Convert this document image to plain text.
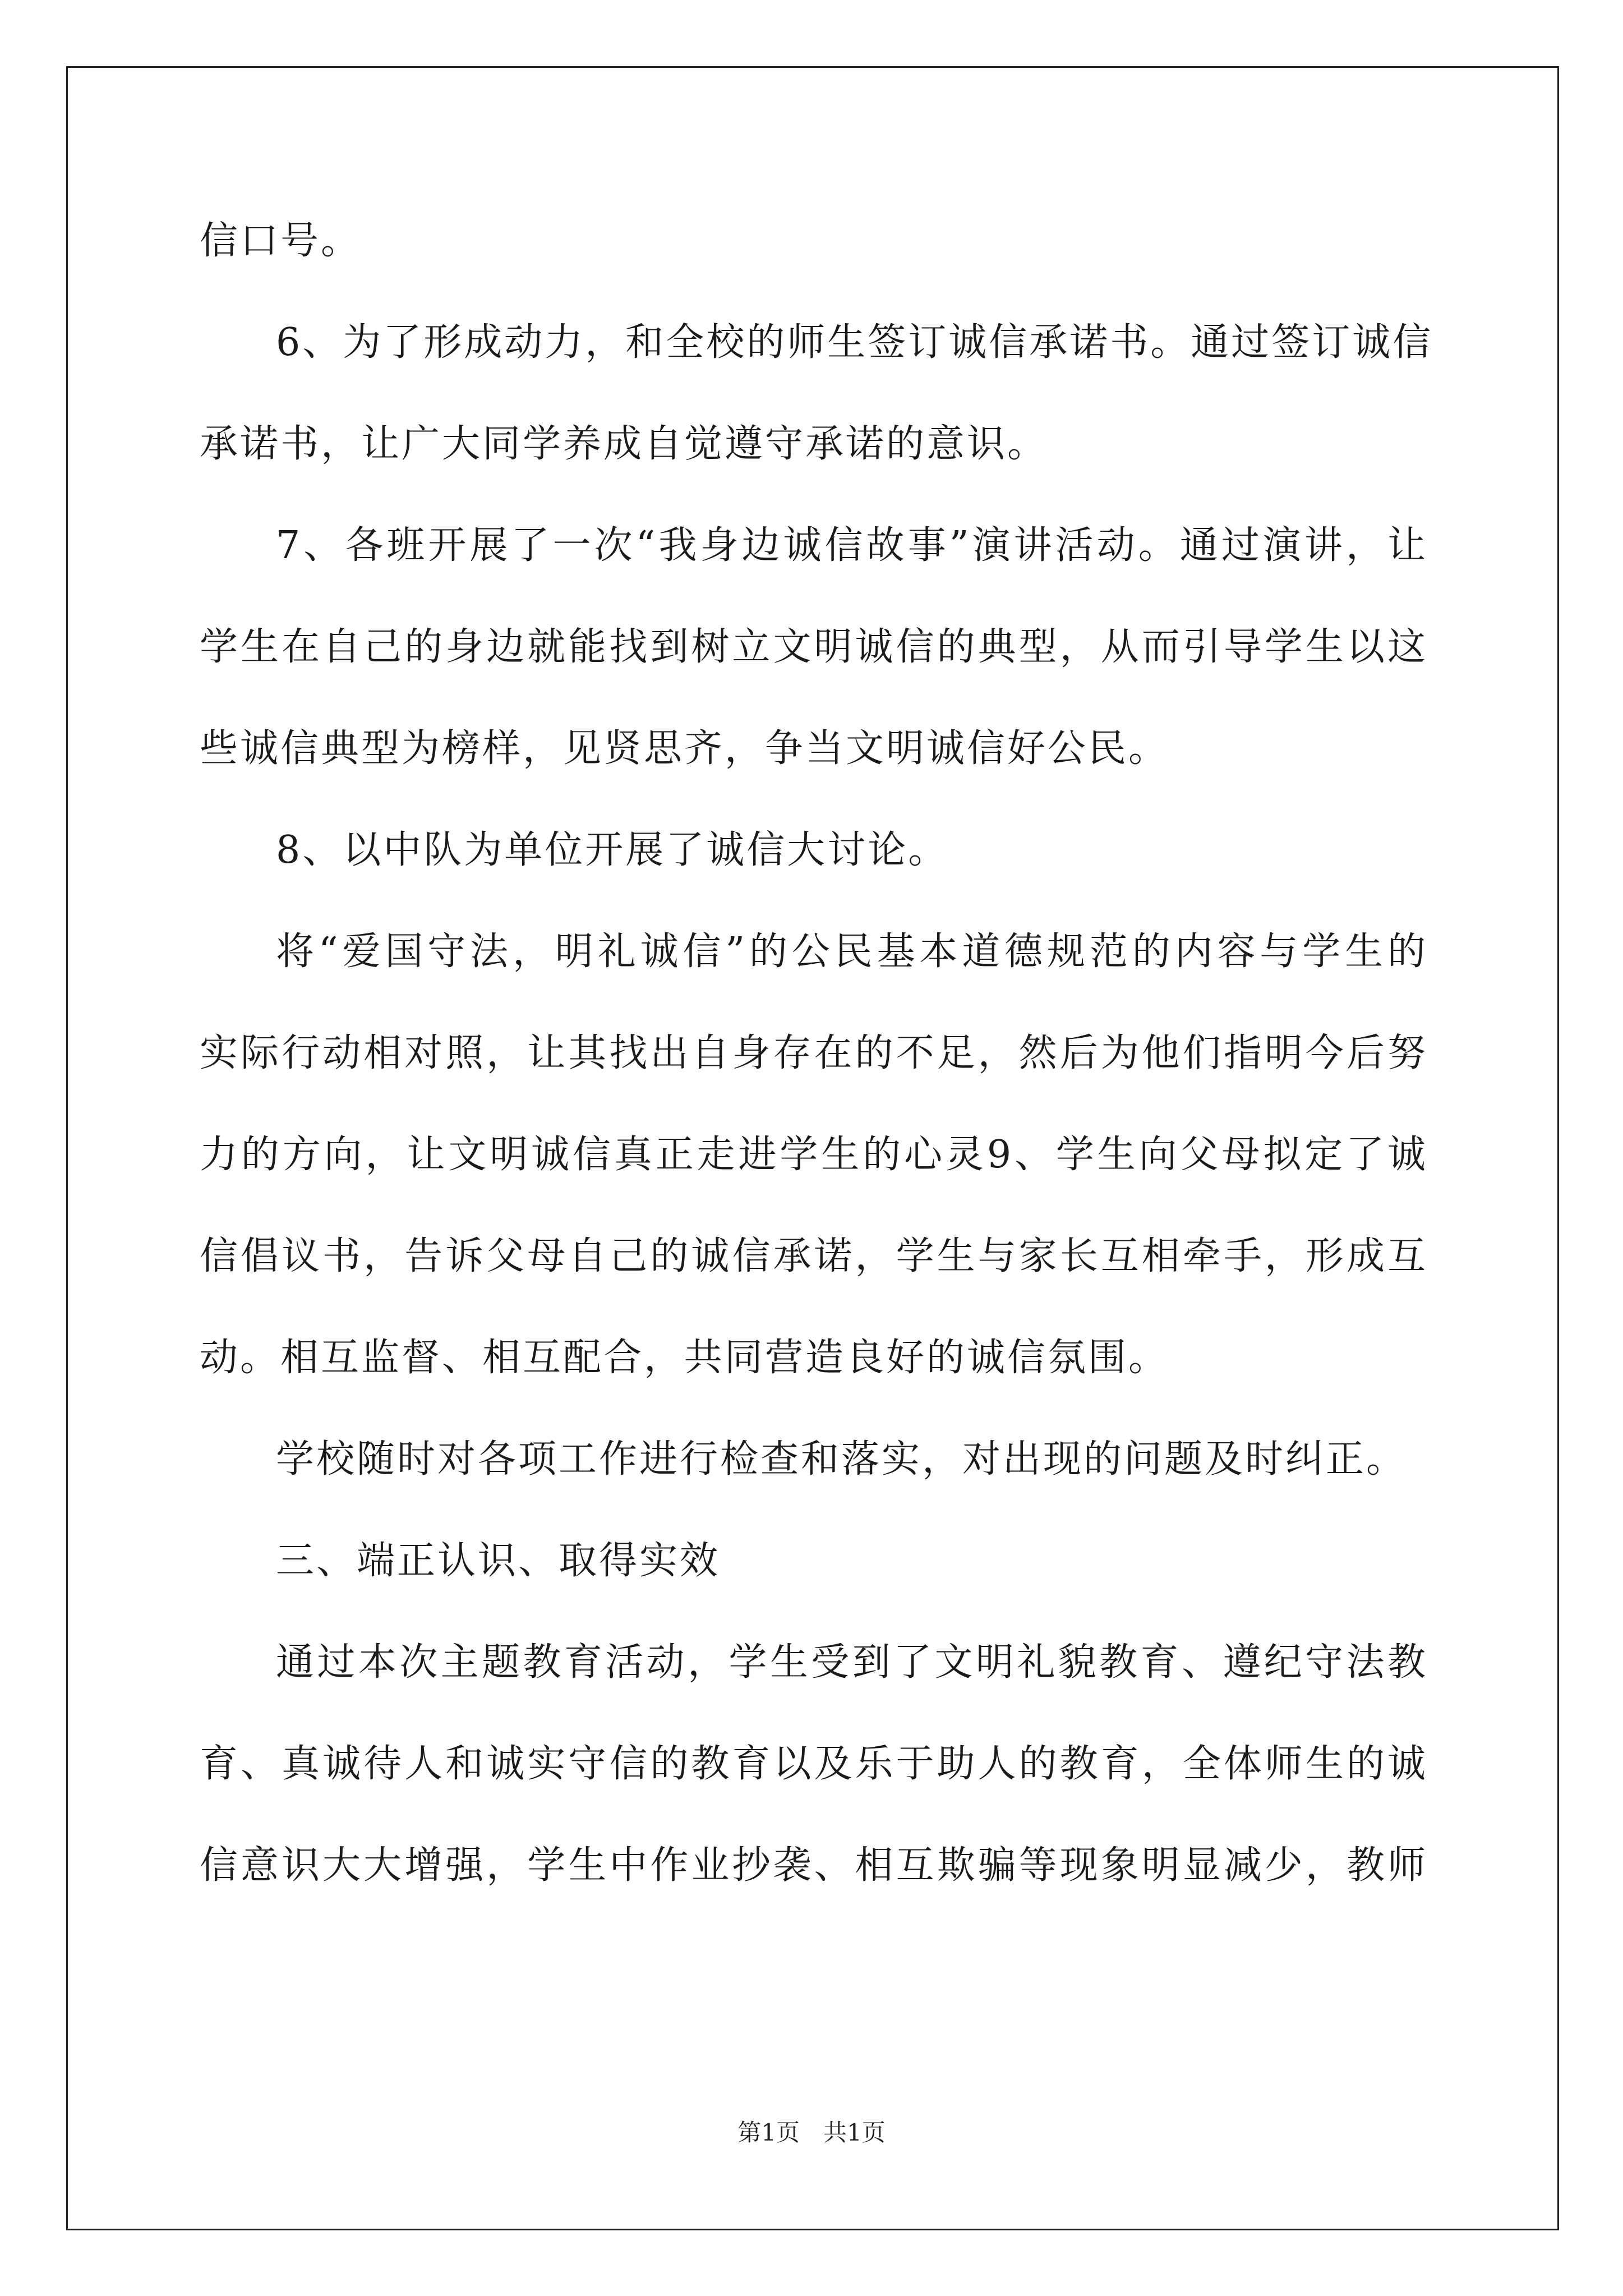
信口号。
6、为了形成动力，和全校的师生签订诚信承诺书。通过签订诚信
承诺书，让广大同学养成自觉遵守承诺的意识。
7、各班开展了一次“我身边诚信故事”演讲活动。通过演讲，让
学生在自己的身边就能找到树立文明诚信的典型，从而引导学生以这
些诚信典型为榜样，见贤思齐，争当文明诚信好公民。
8、以中队为单位开展了诚信大讨论。
将“爱国守法，明礼诚信”的公民基本道德规范的内容与学生的
实际行动相对照，让其找出自身存在的不足，然后为他们指明今后努
力的方向，让文明诚信真正走进学生的心灵9、学生向父母拟定了诚
信倡议书，告诉父母自己的诚信承诺，学生与家长互相牵手，形成互
动。相互监督、相互配合，共同营造良好的诚信氛围。
学校随时对各项工作进行检查和落实，对出现的问题及时纠正。
三、端正认识、取得实效
通过本次主题教育活动，学生受到了文明礼貌教育、遵纪守法教
育、真诚待人和诚实守信的教育以及乐于助人的教育，全体师生的诚
信意识大大增强，学生中作业抄袭、相互欺骗等现象明显减少，教师
第1页　共1页
